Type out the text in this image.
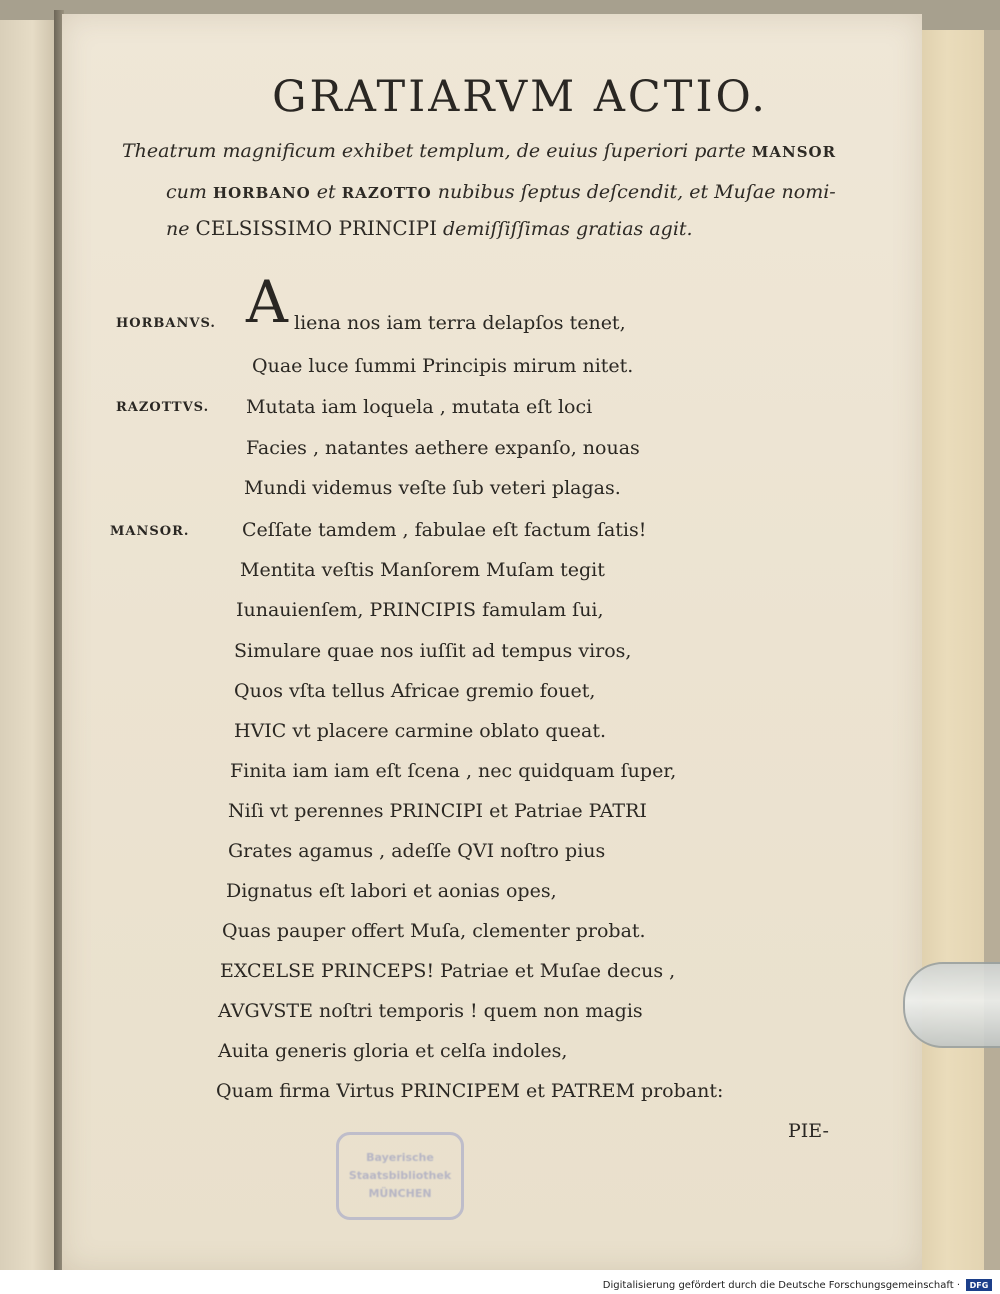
GRATIARVM ACTIO.
Theatrum magnificum exhibet templum, de euius ſuperiori parte MANSOR
cum HORBANO et RAZOTTO nubibus ſeptus deſcendit, et Muſae nomi-
ne CELSISSIMO PRINCIPI demiſſiſſimas gratias agit.
HORBANVS.
RAZOTTVS.
MANSOR.
A liena nos iam terra delapſos tenet,
Quae luce ſummi Principis mirum nitet.
Mutata iam loquela , mutata eſt loci
Facies , natantes aethere expanſo, nouas
Mundi videmus veſte ſub veteri plagas.
Ceſſate tamdem , fabulae eſt factum ſatis!
Mentita veſtis Manſorem Muſam tegit
Iunauienſem, PRINCIPIS famulam ſui,
Simulare quae nos iuſſit ad tempus viros,
Quos vſta tellus Africae gremio fouet,
HVIC vt placere carmine oblato queat.
Finita iam iam eſt ſcena , nec quidquam ſuper,
Niſi vt perennes PRINCIPI et Patriae PATRI
Grates agamus , adeſſe QVI noſtro pius
Dignatus eſt labori et aonias opes,
Quas pauper offert Muſa, clementer probat.
EXCELSE PRINCEPS! Patriae et Muſae decus ,
AVGVSTE noſtri temporis ! quem non magis
Auita generis gloria et celſa indoles,
Quam firma Virtus PRINCIPEM et PATREM probant:
PIE-
Bayerische Staatsbibliothek MÜNCHEN
Digitalisierung gefördert durch die Deutsche Forschungsgemeinschaft ·	DFG
